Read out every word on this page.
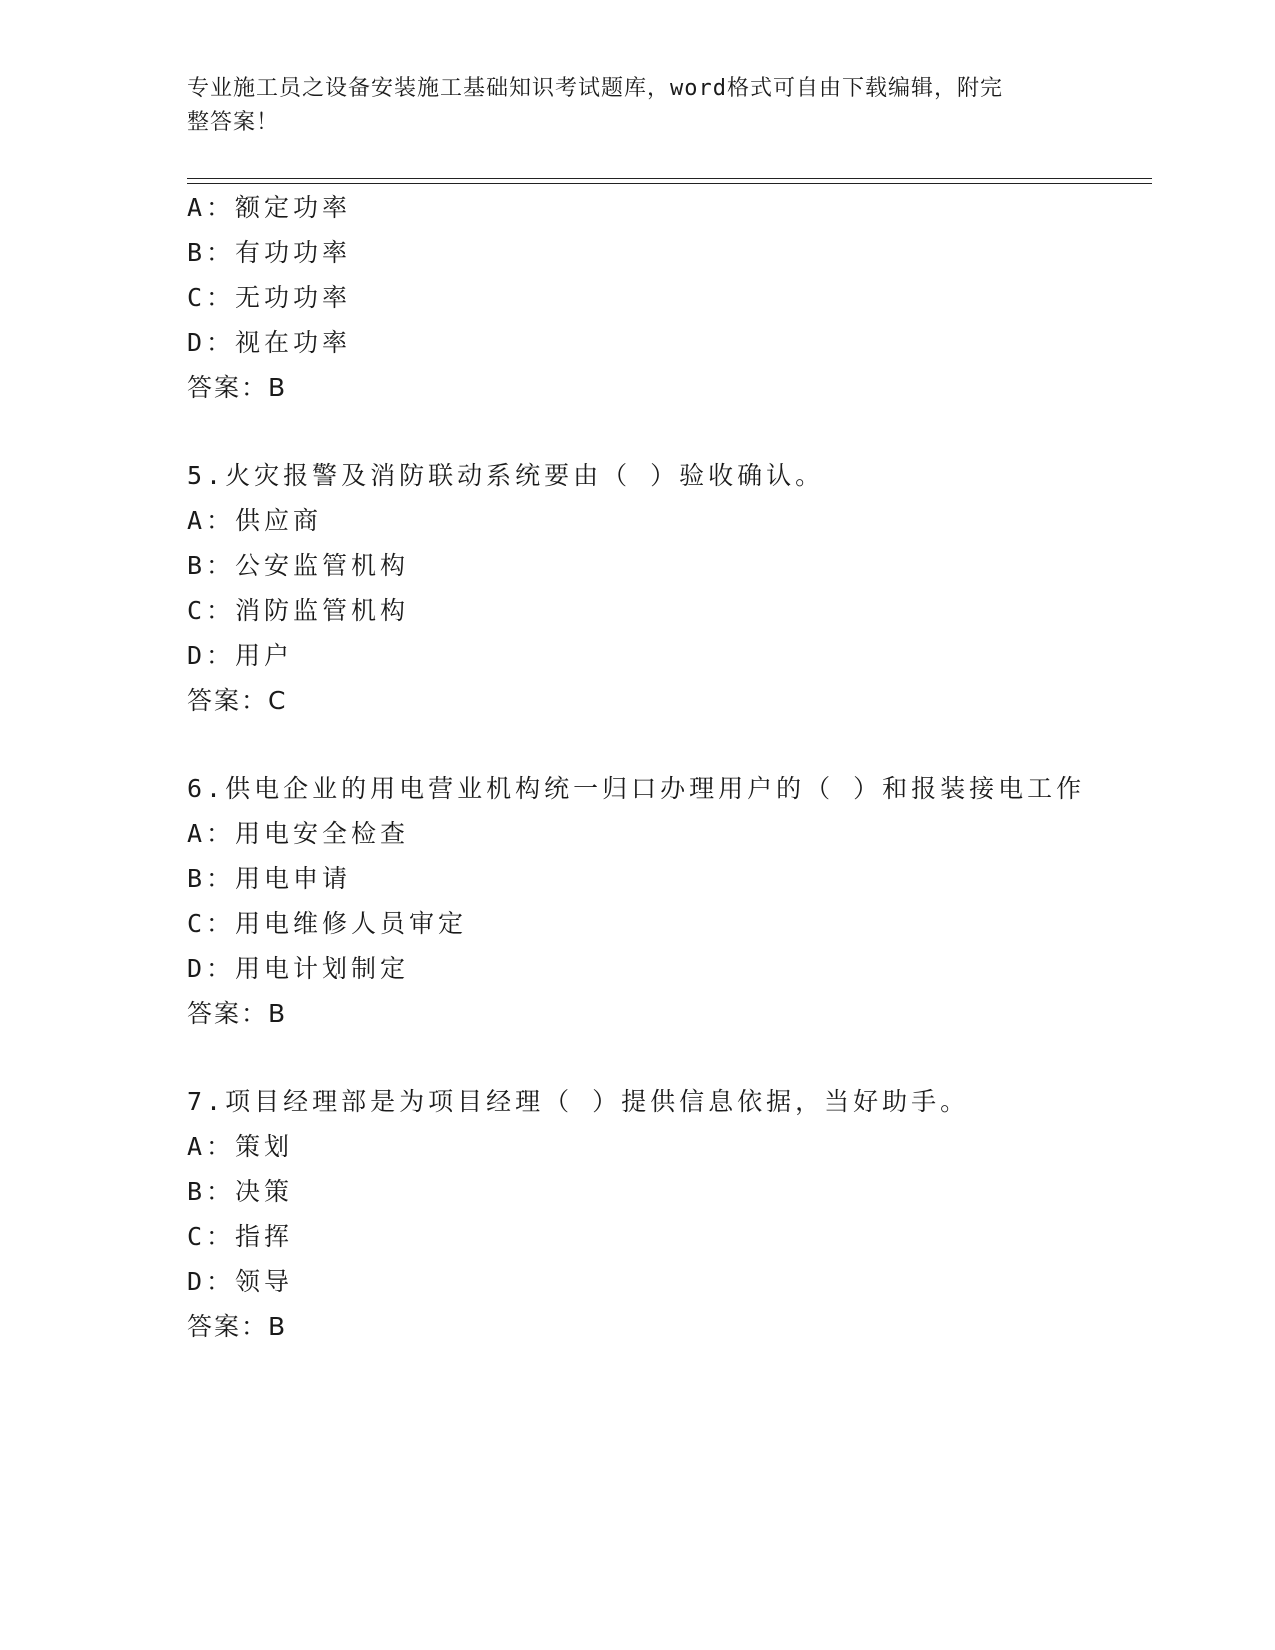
专业施工员之设备安装施工基础知识考试题库，word格式可自由下载编辑，附完
整答案！
A：额定功率
B：有功功率
C：无功功率
D：视在功率
答案：B
5.火灾报警及消防联动系统要由（ ）验收确认。
A：供应商
B：公安监管机构
C：消防监管机构
D：用户
答案：C
6.供电企业的用电营业机构统一归口办理用户的（ ）和报装接电工作
A：用电安全检查
B：用电申请
C：用电维修人员审定
D：用电计划制定
答案：B
7.项目经理部是为项目经理（ ）提供信息依据，当好助手。
A：策划
B：决策
C：指挥
D：领导
答案：B
